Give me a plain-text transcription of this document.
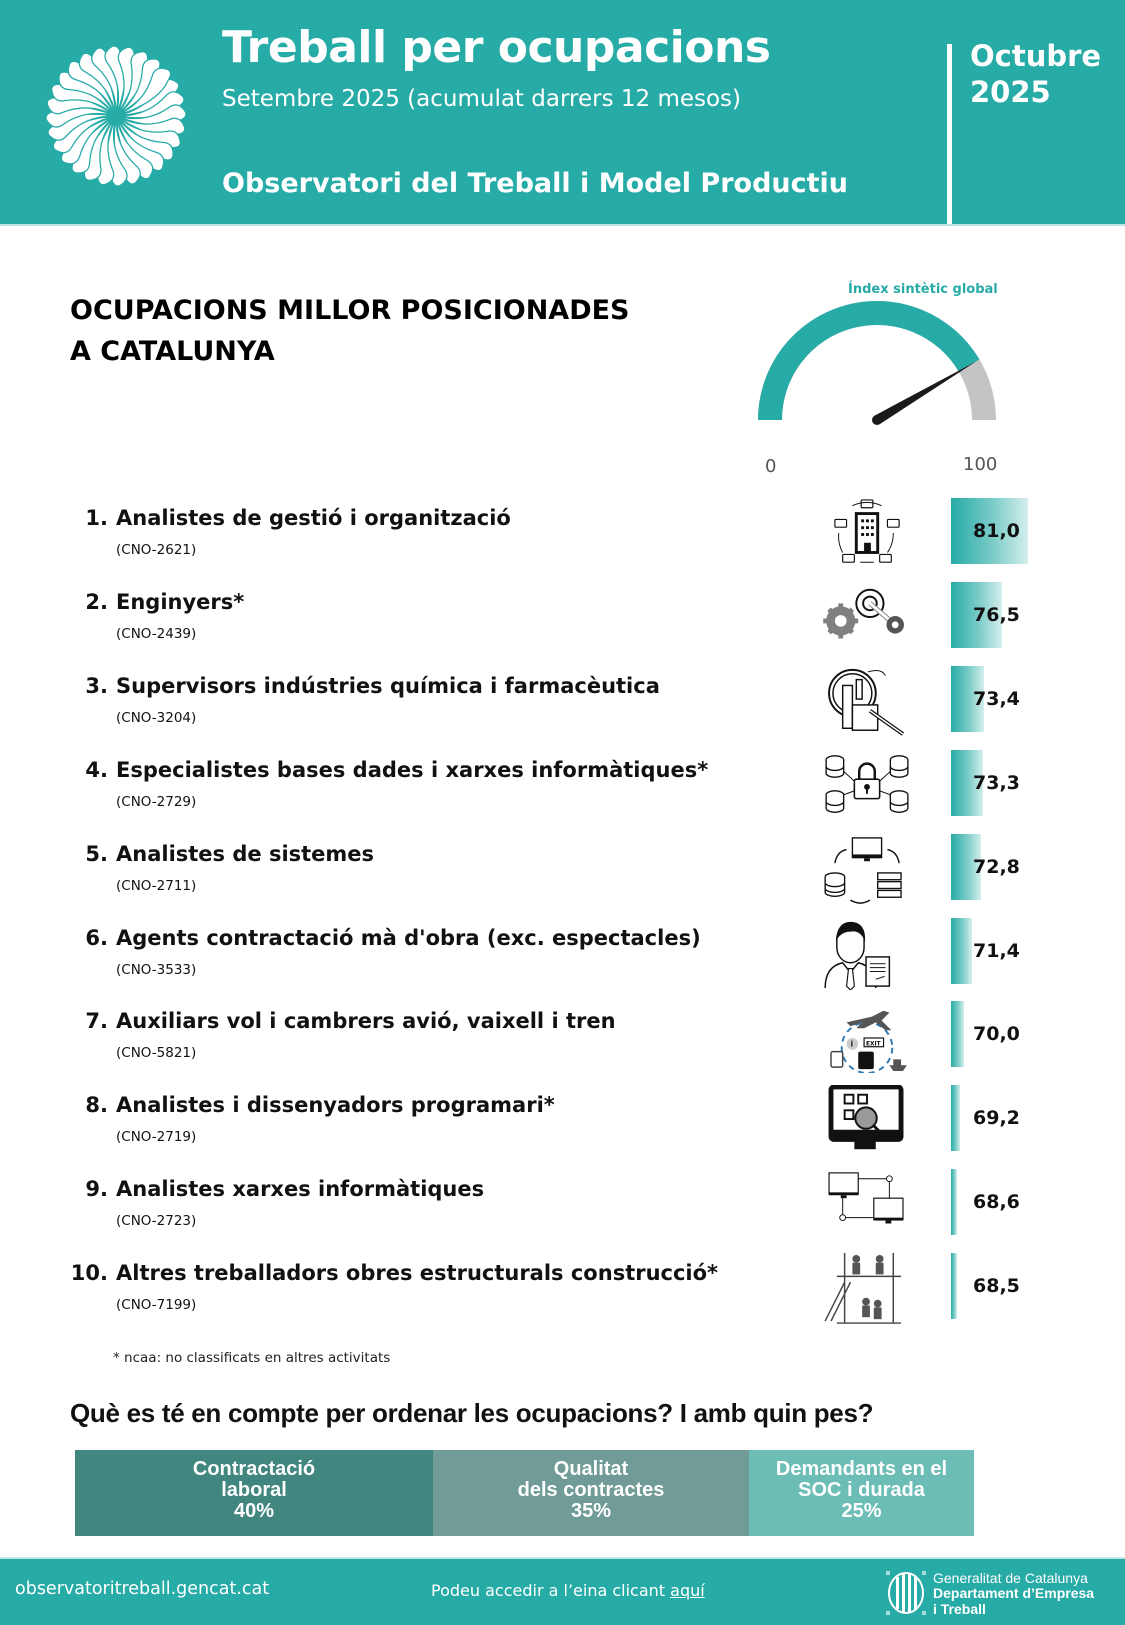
Treball per ocupacions
Setembre 2025 (acumulat darrers 12 mesos)
Observatori del Treball i Model Productiu
Octubre
2025
OCUPACIONS MILLOR POSICIONADES
A CATALUNYA
Índex sintètic global
0	100
1. Analistes de gestió i organització
(CNO-2621)
81,0
2. Enginyers*
(CNO-2439)
76,5
3. Supervisors indústries química i farmacèutica
(CNO-3204)
73,4
4. Especialistes bases dades i xarxes informàtiques*
(CNO-2729)
73,3
5. Analistes de sistemes
(CNO-2711)
72,8
6. Agents contractació mà d'obra (exc. espectacles)
(CNO-3533)
71,4
7. Auxiliars vol i cambrers avió, vaixell i tren
(CNO-5821)
i EXIT	70,0
8. Analistes i dissenyadors programari*
(CNO-2719)
69,2
9. Analistes xarxes informàtiques
(CNO-2723)
68,6
10. Altres treballadors obres estructurals construcció*
(CNO-7199)
68,5
* ncaa: no classificats en altres activitats
Què es té en compte per ordenar les ocupacions? I amb quin pes?
Contractació
laboral
40%
Qualitat
dels contractes
35%
Demandants en el
SOC i durada
25%
observatoritreball.gencat.cat	Podeu accedir a l’eina clicant aquí
Generalitat de Catalunya
Departament d’Empresa
i Treball
